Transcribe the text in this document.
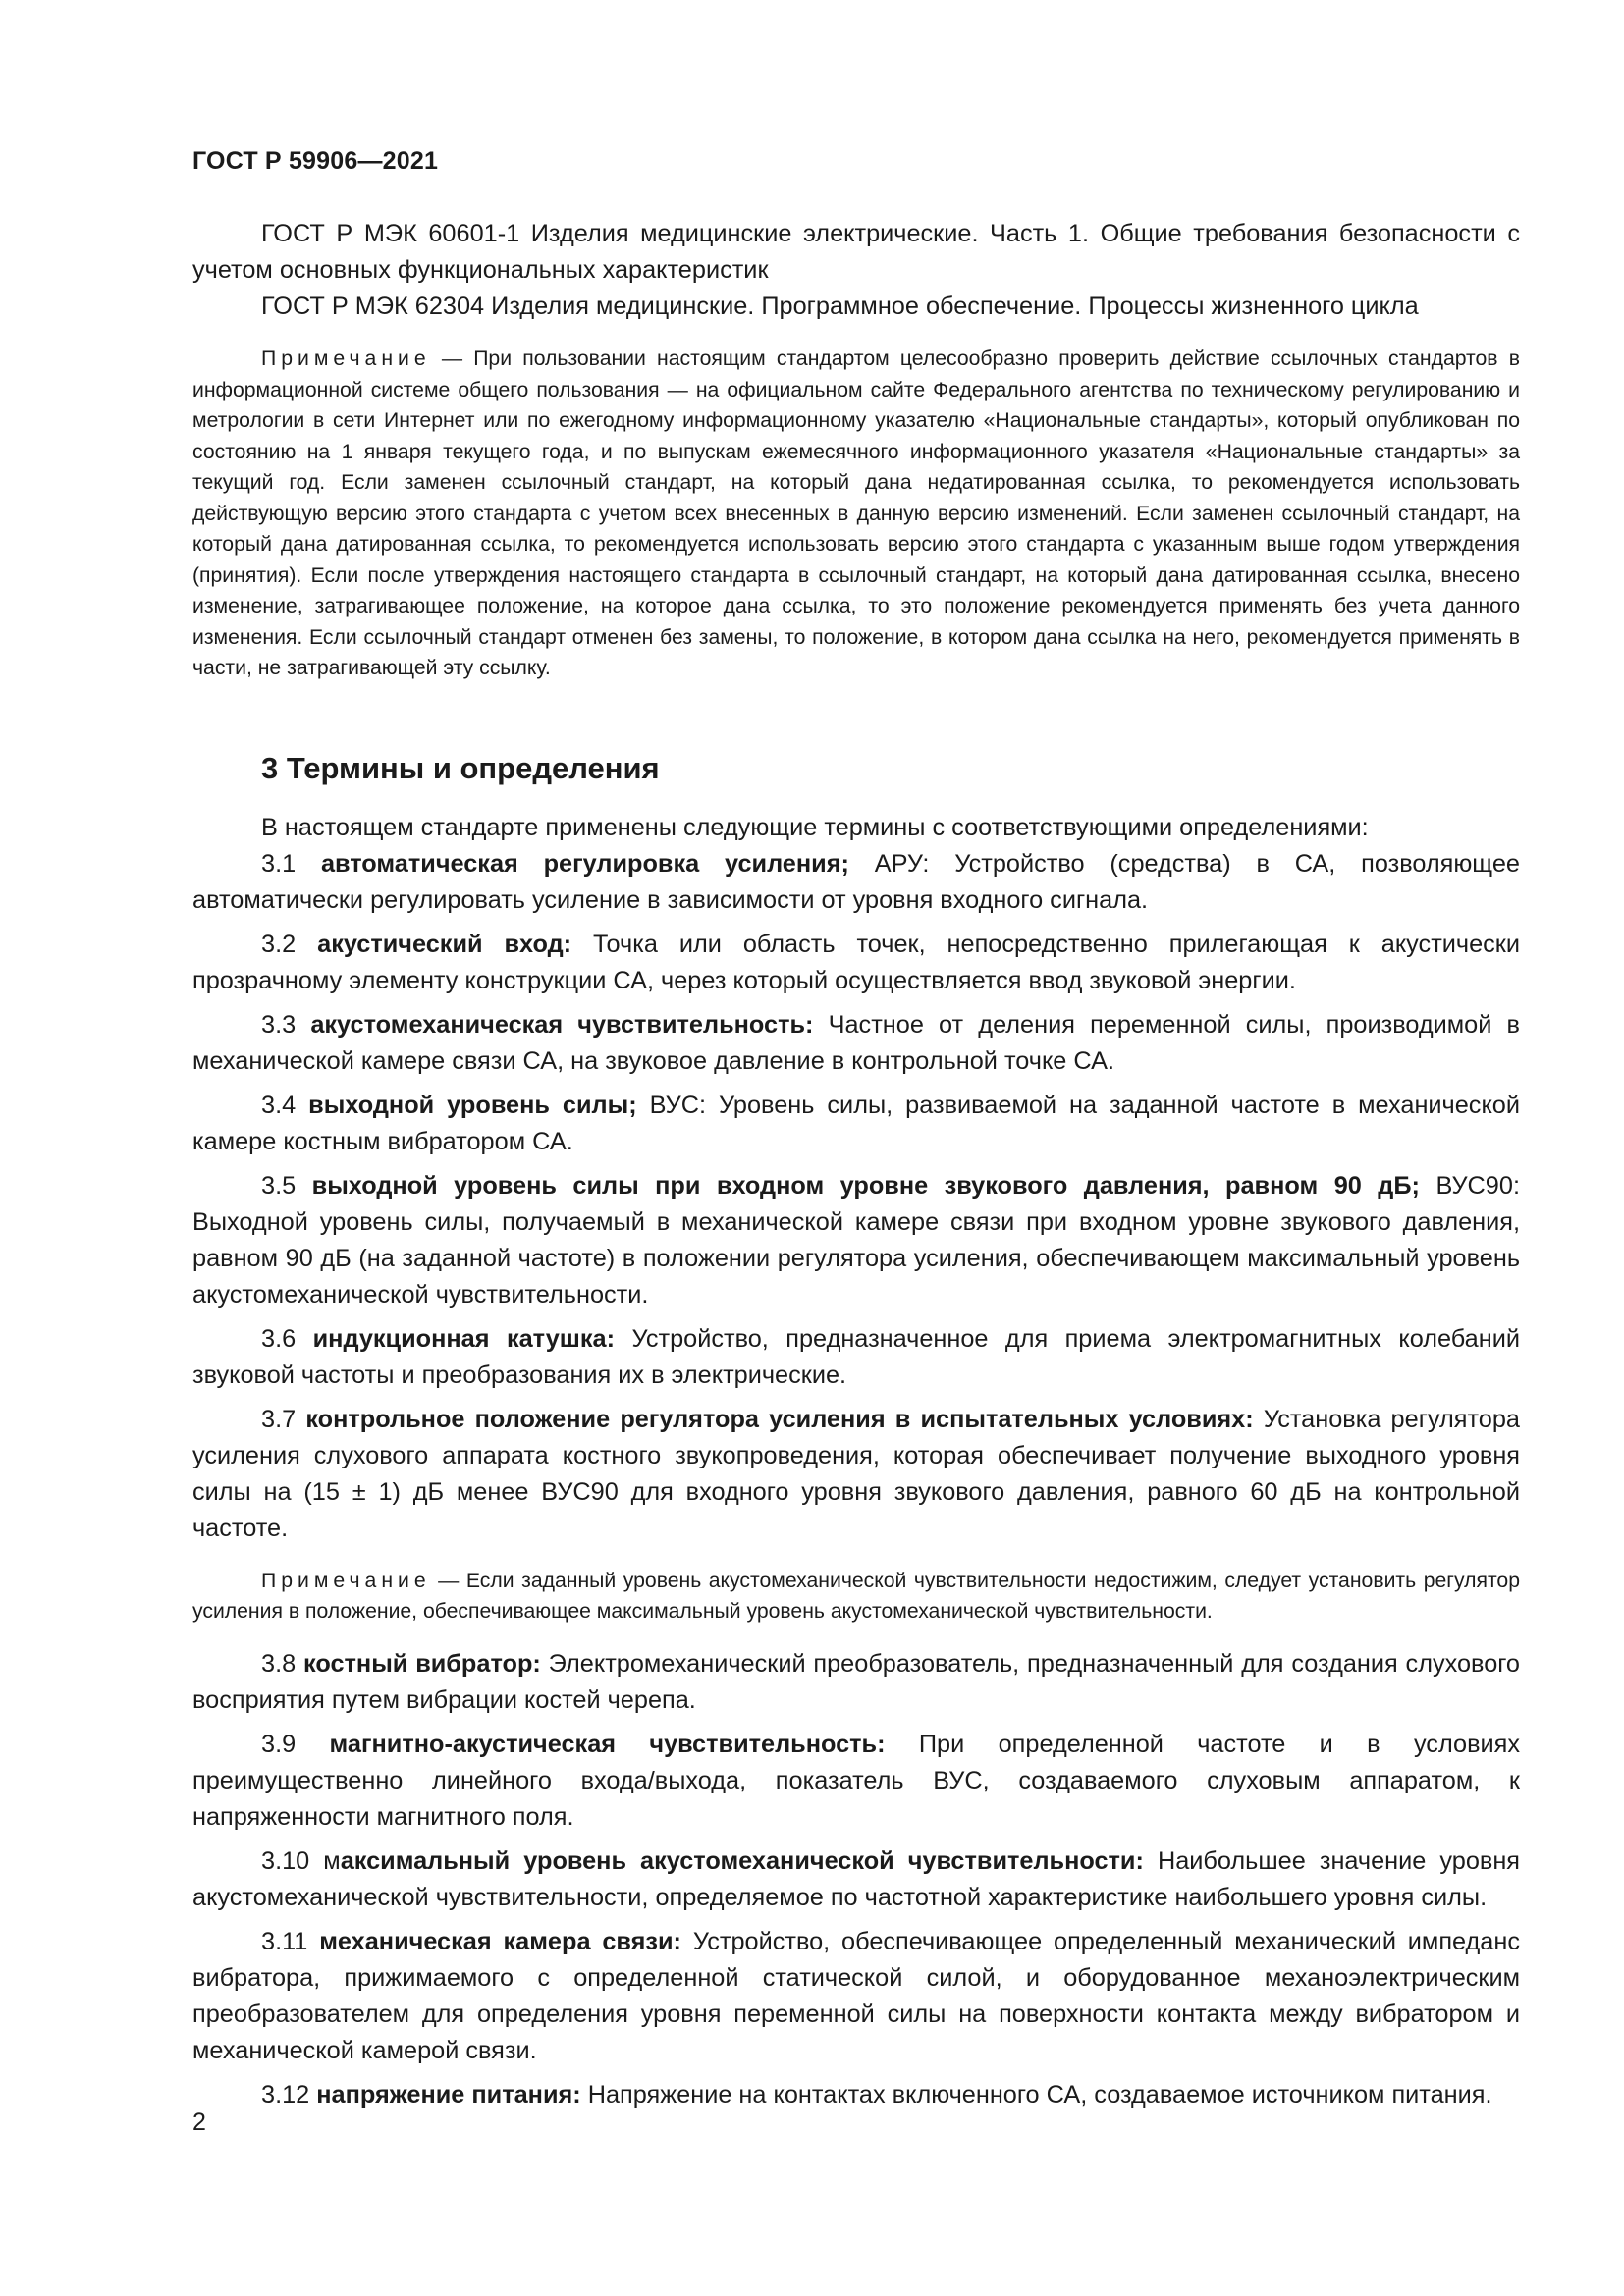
ГОСТ Р 59906—2021

ГОСТ Р МЭК 60601-1 Изделия медицинские электрические. Часть 1. Общие требования безопасности с учетом основных функциональных характеристик

ГОСТ Р МЭК 62304 Изделия медицинские. Программное обеспечение. Процессы жизненного цикла

Примечание — При пользовании настоящим стандартом целесообразно проверить действие ссылочных стандартов в информационной системе общего пользования — на официальном сайте Федерального агентства по техническому регулированию и метрологии в сети Интернет или по ежегодному информационному указателю «Национальные стандарты», который опубликован по состоянию на 1 января текущего года, и по выпускам ежемесячного информационного указателя «Национальные стандарты» за текущий год. Если заменен ссылочный стандарт, на который дана недатированная ссылка, то рекомендуется использовать действующую версию этого стандарта с учетом всех внесенных в данную версию изменений. Если заменен ссылочный стандарт, на который дана датированная ссылка, то рекомендуется использовать версию этого стандарта с указанным выше годом утверждения (принятия). Если после утверждения настоящего стандарта в ссылочный стандарт, на который дана датированная ссылка, внесено изменение, затрагивающее положение, на которое дана ссылка, то это положение рекомендуется применять без учета данного изменения. Если ссылочный стандарт отменен без замены, то положение, в котором дана ссылка на него, рекомендуется применять в части, не затрагивающей эту ссылку.

3 Термины и определения

В настоящем стандарте применены следующие термины с соответствующими определениями:

3.1 автоматическая регулировка усиления; АРУ: Устройство (средства) в СА, позволяющее автоматически регулировать усиление в зависимости от уровня входного сигнала.

3.2 акустический вход: Точка или область точек, непосредственно прилегающая к акустически прозрачному элементу конструкции СА, через который осуществляется ввод звуковой энергии.

3.3 акустомеханическая чувствительность: Частное от деления переменной силы, производимой в механической камере связи СА, на звуковое давление в контрольной точке СА.

3.4 выходной уровень силы; ВУС: Уровень силы, развиваемой на заданной частоте в механической камере костным вибратором СА.

3.5 выходной уровень силы при входном уровне звукового давления, равном 90 дБ; ВУС90: Выходной уровень силы, получаемый в механической камере связи при входном уровне звукового давления, равном 90 дБ (на заданной частоте) в положении регулятора усиления, обеспечивающем максимальный уровень акустомеханической чувствительности.

3.6 индукционная катушка: Устройство, предназначенное для приема электромагнитных колебаний звуковой частоты и преобразования их в электрические.

3.7 контрольное положение регулятора усиления в испытательных условиях: Установка регулятора усиления слухового аппарата костного звукопроведения, которая обеспечивает получение выходного уровня силы на (15 ± 1) дБ менее ВУС90 для входного уровня звукового давления, равного 60 дБ на контрольной частоте.

Примечание — Если заданный уровень акустомеханической чувствительности недостижим, следует установить регулятор усиления в положение, обеспечивающее максимальный уровень акустомеханической чувствительности.

3.8 костный вибратор: Электромеханический преобразователь, предназначенный для создания слухового восприятия путем вибрации костей черепа.

3.9 магнитно-акустическая чувствительность: При определенной частоте и в условиях преимущественно линейного входа/выхода, показатель ВУС, создаваемого слуховым аппаратом, к напряженности магнитного поля.

3.10 максимальный уровень акустомеханической чувствительности: Наибольшее значение уровня акустомеханической чувствительности, определяемое по частотной характеристике наибольшего уровня силы.

3.11 механическая камера связи: Устройство, обеспечивающее определенный механический импеданс вибратора, прижимаемого с определенной статической силой, и оборудованное механоэлектрическим преобразователем для определения уровня переменной силы на поверхности контакта между вибратором и механической камерой связи.

3.12 напряжение питания: Напряжение на контактах включенного СА, создаваемое источником питания.

2
